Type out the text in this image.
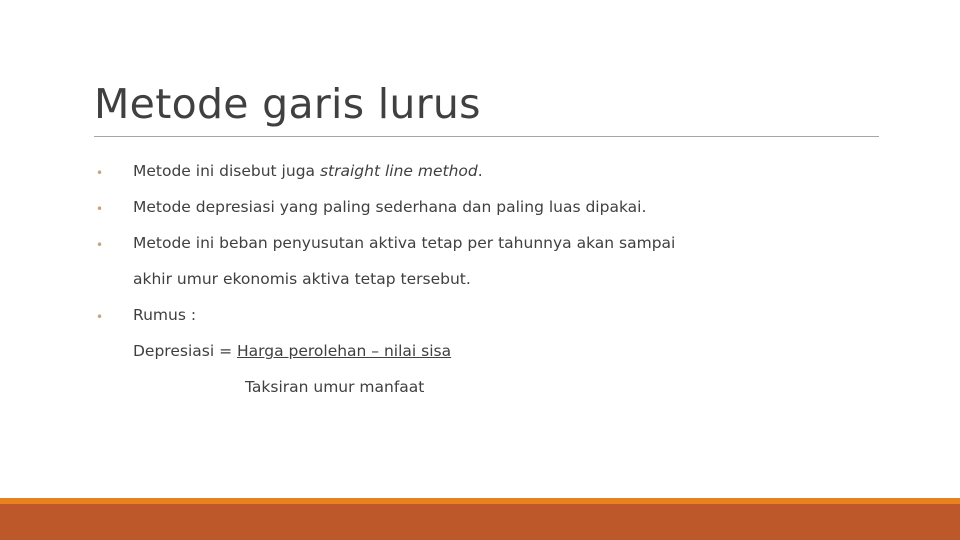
Metode garis lurus
• Metode ini disebut juga straight line method.
• Metode depresiasi yang paling sederhana dan paling luas dipakai.
• Metode ini beban penyusutan aktiva tetap per tahunnya akan sampai
akhir umur ekonomis aktiva tetap tersebut.
• Rumus :
Depresiasi = Harga perolehan – nilai sisa
Taksiran umur manfaat
